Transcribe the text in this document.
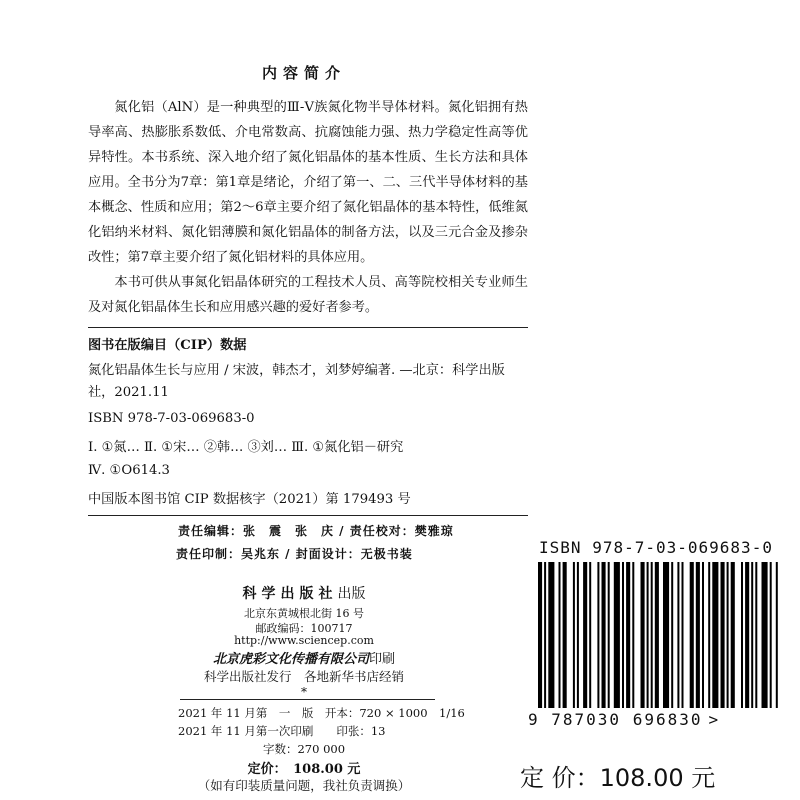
内容简介

氮化铝（AlN）是一种典型的Ⅲ-Ⅴ族氮化物半导体材料。氮化铝拥有热导率高、热膨胀系数低、介电常数高、抗腐蚀能力强、热力学稳定性高等优异特性。本书系统、深入地介绍了氮化铝晶体的基本性质、生长方法和具体应用。全书分为7章：第1章是绪论，介绍了第一、二、三代半导体材料的基本概念、性质和应用；第2～6章主要介绍了氮化铝晶体的基本特性，低维氮化铝纳米材料、氮化铝薄膜和氮化铝晶体的制备方法，以及三元合金及掺杂改性；第7章主要介绍了氮化铝材料的具体应用。

本书可供从事氮化铝晶体研究的工程技术人员、高等院校相关专业师生及对氮化铝晶体生长和应用感兴趣的爱好者参考。

图书在版编目（CIP）数据
氮化铝晶体生长与应用 / 宋波，韩杰才，刘梦婷编著. —北京：科学出版社，2021.11
ISBN 978-7-03-069683-0
Ⅰ. ①氮… Ⅱ. ①宋… ②韩… ③刘… Ⅲ. ①氮化铝－研究
Ⅳ. ①O614.3
中国版本图书馆 CIP 数据核字（2021）第 179493 号
责任编辑：张　震　张　庆 / 责任校对：樊雅琼
责任印制：吴兆东 / 封面设计：无极书装
科学出版社出版
北京东黄城根北街 16 号
邮政编码：100717
http://www.sciencep.com
北京虎彩文化传播有限公司印刷
科学出版社发行　各地新华书店经销
*
2021 年 11 月第　一　版　开本：720 × 1000　1/16
2021 年 11 月第一次印刷　　印张：13
字数：270 000
定价：　108.00 元
（如有印装质量问题，我社负责调换）
ISBN 978-7-03-069683-0
9 787030 696830 >
定 价：108.00 元
